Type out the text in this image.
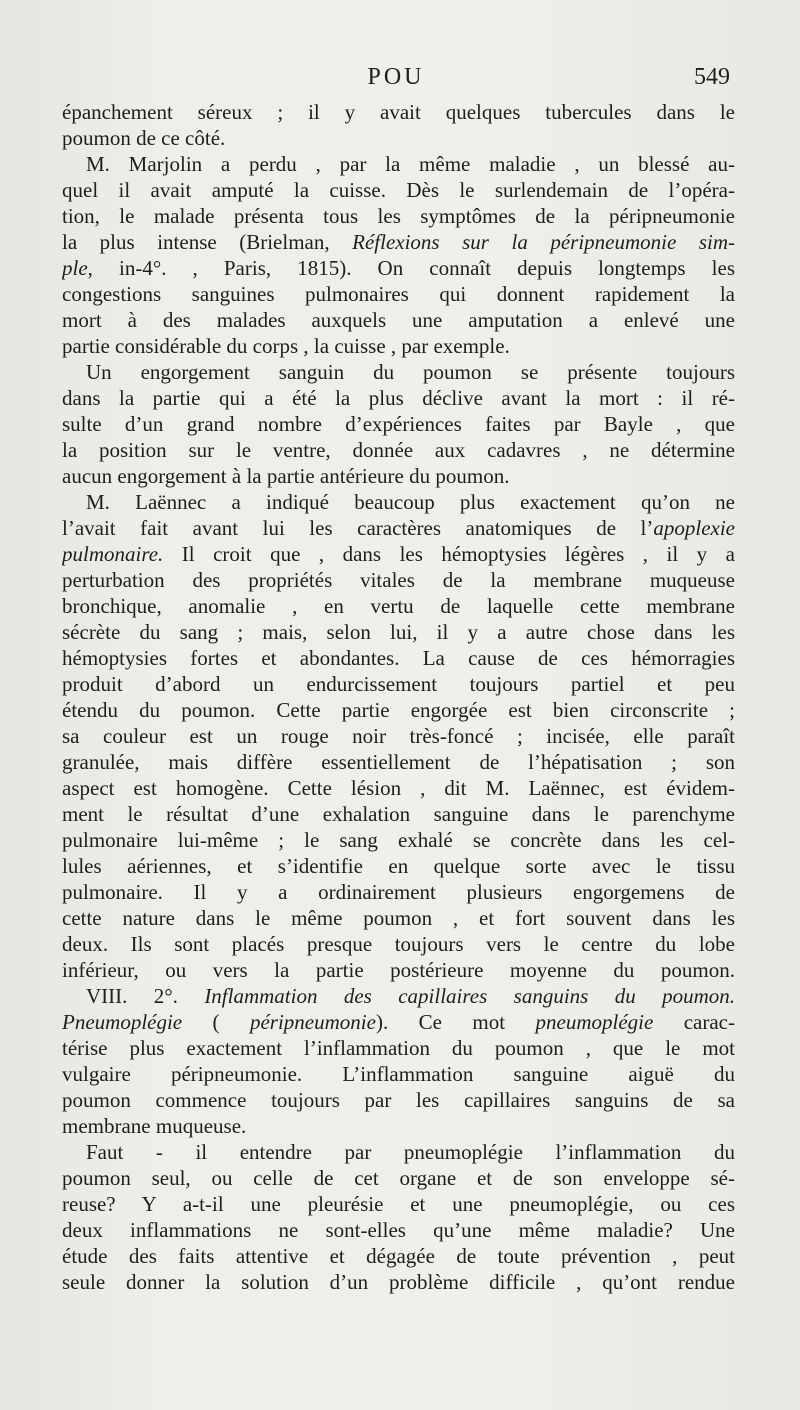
POU	549
épanchement séreux ; il y avait quelques tubercules dans le
poumon de ce côté.
M. Marjolin a perdu , par la même maladie , un blessé au-
quel il avait amputé la cuisse. Dès le surlendemain de l’opéra-
tion, le malade présenta tous les symptômes de la péripneumonie
la plus intense (Brielman, Réflexions sur la péripneumonie sim-
ple, in-4°. , Paris, 1815). On connaît depuis longtemps les
congestions sanguines pulmonaires qui donnent rapidement la
mort à des malades auxquels une amputation a enlevé une
partie considérable du corps , la cuisse , par exemple.
Un engorgement sanguin du poumon se présente toujours
dans la partie qui a été la plus déclive avant la mort : il ré-
sulte d’un grand nombre d’expériences faites par Bayle , que
la position sur le ventre, donnée aux cadavres , ne détermine
aucun engorgement à la partie antérieure du poumon.
M. Laënnec a indiqué beaucoup plus exactement qu’on ne
l’avait fait avant lui les caractères anatomiques de l’apoplexie
pulmonaire. Il croit que , dans les hémoptysies légères , il y a
perturbation des propriétés vitales de la membrane muqueuse
bronchique, anomalie , en vertu de laquelle cette membrane
sécrète du sang ; mais, selon lui, il y a autre chose dans les
hémoptysies fortes et abondantes. La cause de ces hémorragies
produit d’abord un endurcissement toujours partiel et peu
étendu du poumon. Cette partie engorgée est bien circonscrite ;
sa couleur est un rouge noir très-foncé ; incisée, elle paraît
granulée, mais diffère essentiellement de l’hépatisation ; son
aspect est homogène. Cette lésion , dit M. Laënnec, est évidem-
ment le résultat d’une exhalation sanguine dans le parenchyme
pulmonaire lui-même ; le sang exhalé se concrète dans les cel-
lules aériennes, et s’identifie en quelque sorte avec le tissu
pulmonaire. Il y a ordinairement plusieurs engorgemens de
cette nature dans le même poumon , et fort souvent dans les
deux. Ils sont placés presque toujours vers le centre du lobe
inférieur, ou vers la partie postérieure moyenne du poumon.
VIII. 2°. Inflammation des capillaires sanguins du poumon.
Pneumoplégie ( péripneumonie). Ce mot pneumoplégie carac-
térise plus exactement l’inflammation du poumon , que le mot
vulgaire péripneumonie. L’inflammation sanguine aiguë du
poumon commence toujours par les capillaires sanguins de sa
membrane muqueuse.
Faut - il entendre par pneumoplégie l’inflammation du
poumon seul, ou celle de cet organe et de son enveloppe sé-
reuse? Y a-t-il une pleurésie et une pneumoplégie, ou ces
deux inflammations ne sont-elles qu’une même maladie? Une
étude des faits attentive et dégagée de toute prévention , peut
seule donner la solution d’un problème difficile , qu’ont rendue
